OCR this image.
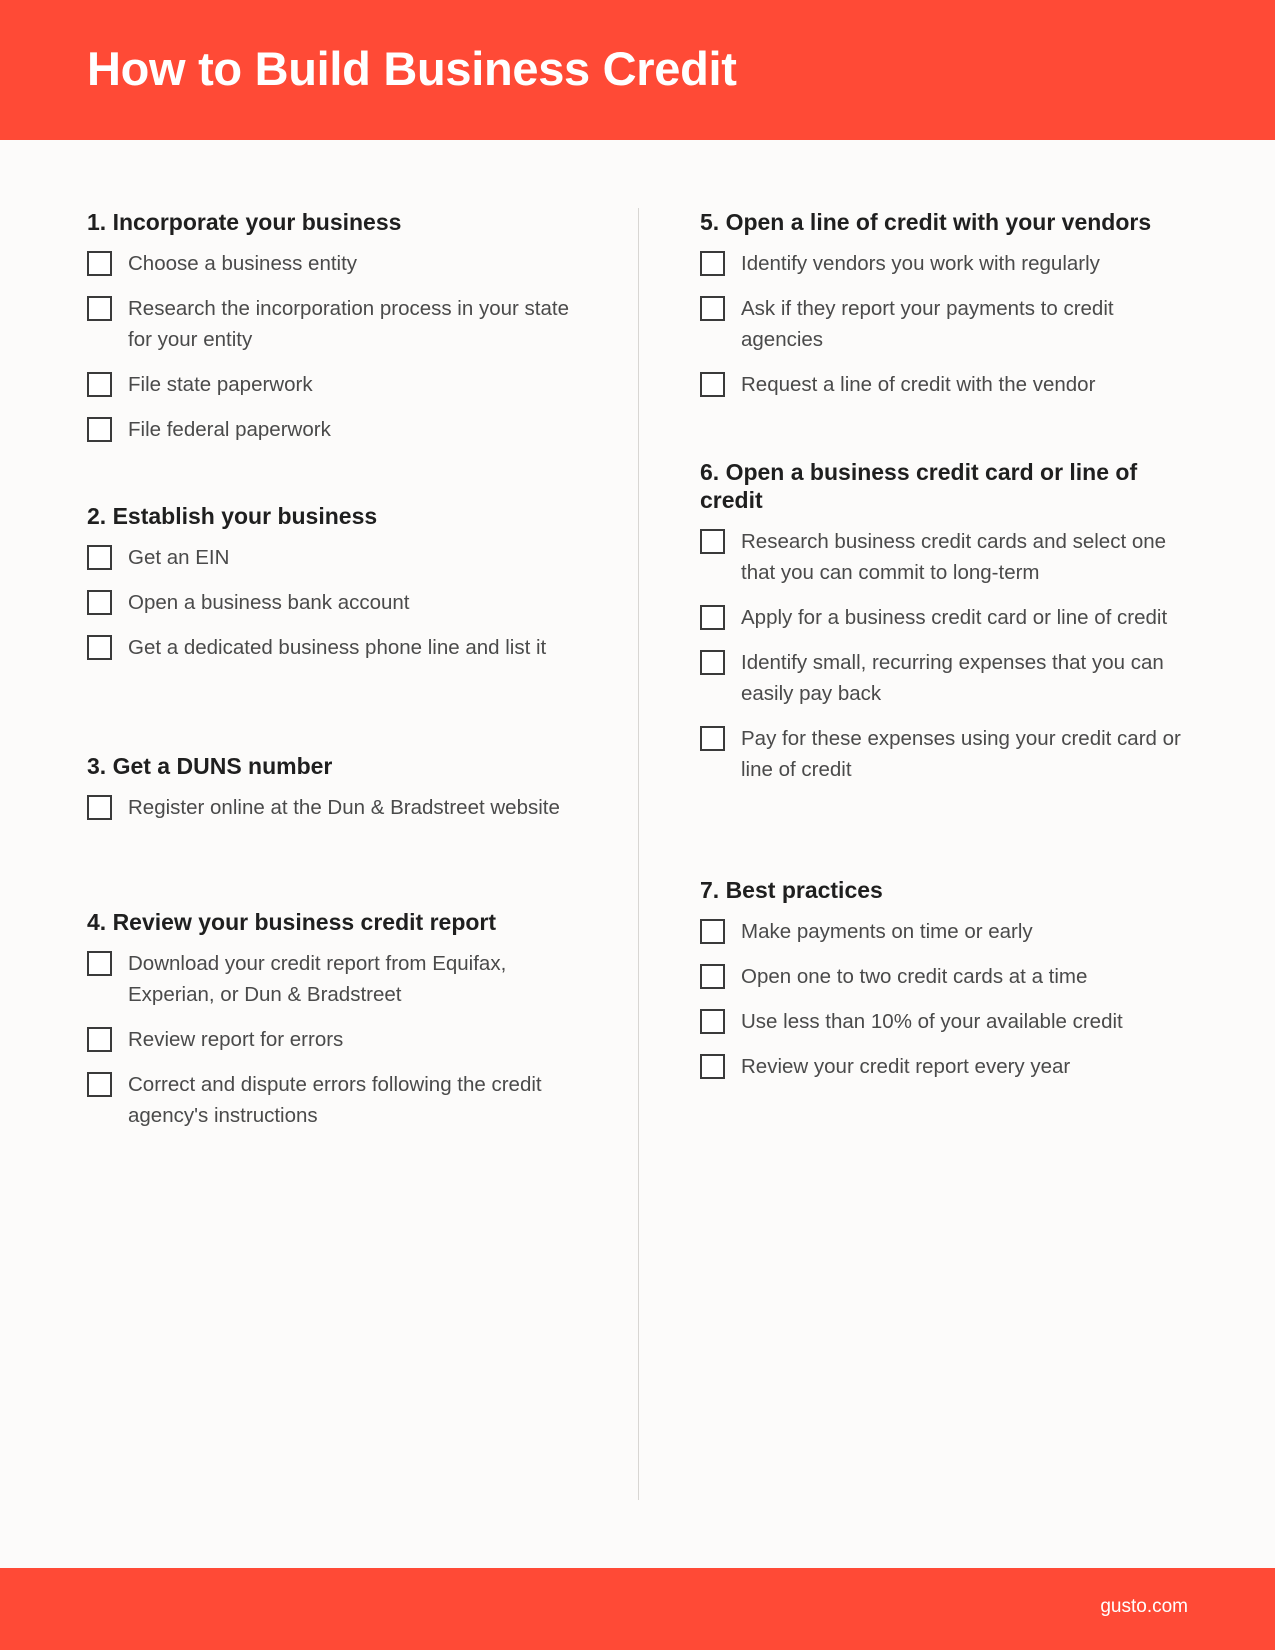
How to Build Business Credit
1. Incorporate your business
Choose a business entity
Research the incorporation process in your state for your entity
File state paperwork
File federal paperwork
2. Establish your business
Get an EIN
Open a business bank account
Get a dedicated business phone line and list it
3. Get a DUNS number
Register online at the Dun & Bradstreet website
4. Review your business credit report
Download your credit report from Equifax, Experian, or Dun & Bradstreet
Review report for errors
Correct and dispute errors following the credit agency's instructions
5. Open a line of credit with your vendors
Identify vendors you work with regularly
Ask if they report your payments to credit agencies
Request a line of credit with the vendor
6. Open a business credit card or line of credit
Research business credit cards and select one that you can commit to long-term
Apply for a business credit card or line of credit
Identify small, recurring expenses that you can easily pay back
Pay for these expenses using your credit card or line of credit
7. Best practices
Make payments on time or early
Open one to two credit cards at a time
Use less than 10% of your available credit
Review your credit report every year
gusto.com
